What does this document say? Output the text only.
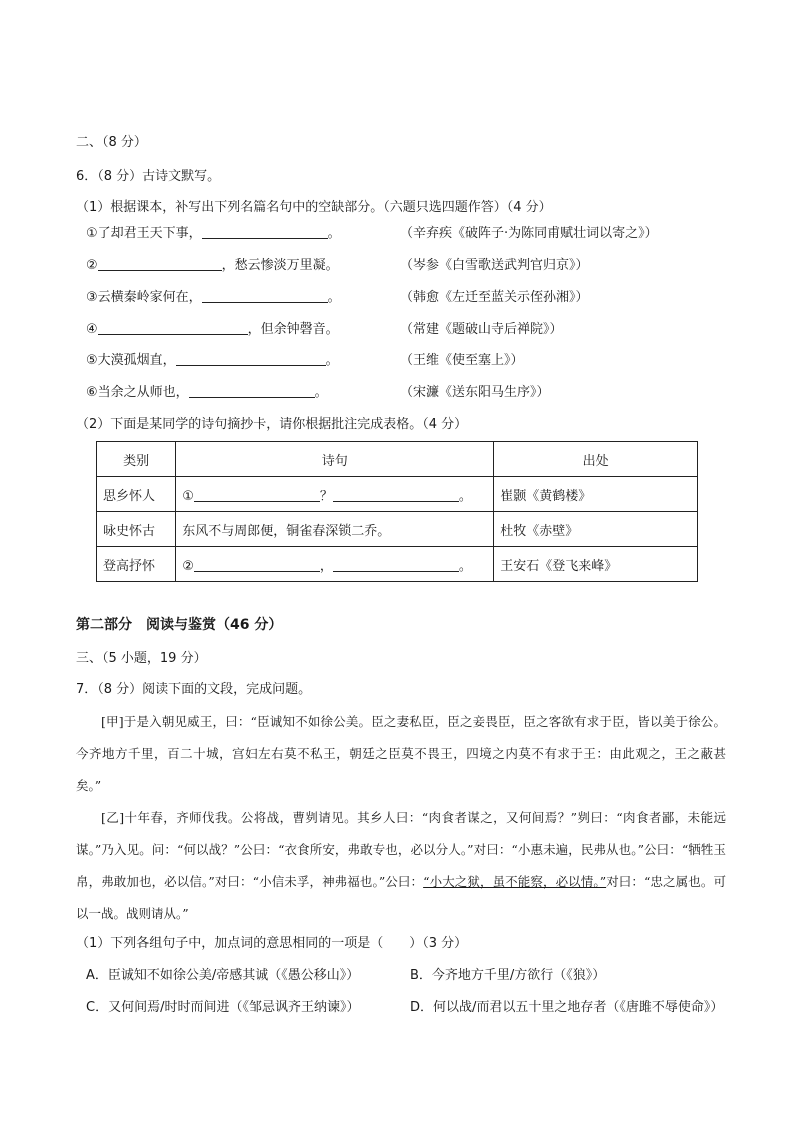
二、（8 分）
6．（8 分）古诗文默写。
（1）根据课本，补写出下列名篇名句中的空缺部分。（六题只选四题作答）（4 分）
①了却君王天下事，	。	（辛弃疾《破阵子·为陈同甫赋壮词以寄之》）
②	，愁云惨淡万里凝。	（岑参《白雪歌送武判官归京》）
③云横秦岭家何在，	。	（韩愈《左迁至蓝关示侄孙湘》）
④	，但余钟磬音。	（常建《题破山寺后禅院》）
⑤大漠孤烟直，	。	（王维《使至塞上》）
⑥当余之从师也，	。	（宋濂《送东阳马生序》）
（2）下面是某同学的诗句摘抄卡，请你根据批注完成表格。（4 分）
类别	诗句	出处
思乡怀人	① ？ 。	崔颢《黄鹤楼》
咏史怀古	东风不与周郎便，铜雀春深锁二乔。	杜牧《赤壁》
登高抒怀	② ， 。	王安石《登飞来峰》
第二部分　阅读与鉴赏（46 分）
三、（5 小题，19 分）
7．（8 分）阅读下面的文段，完成问题。

[甲]于是入朝见威王，曰：“臣诚知不如徐公美。臣之妻私臣，臣之妾畏臣，臣之客欲有求于臣，皆以美于徐公。今齐地方千里，百二十城，宫妇左右莫不私王，朝廷之臣莫不畏王，四境之内莫不有求于王：由此观之，王之蔽甚矣。”

[乙]十年春，齐师伐我。公将战，曹刿请见。其乡人曰：“肉食者谋之，又何间焉？”刿曰：“肉食者鄙，未能远谋。”乃入见。问：“何以战？”公曰：“衣食所安，弗敢专也，必以分人。”对曰：“小惠未遍，民弗从也。”公曰：“牺牲玉帛，弗敢加也，必以信。”对曰：“小信未孚，神弗福也。”公曰：“小大之狱，虽不能察，必以情。”对曰：“忠之属也。可以一战。战则请从。”

（1）下列各组句子中，加点词的意思相同的一项是（　　）（3 分）
A．臣诚知不如徐公美/帝感其诚（《愚公移山》）	B．今齐地方千里/方欲行（《狼》）
C．又何间焉/时时而间进（《邹忌讽齐王纳谏》）	D．何以战/而君以五十里之地存者（《唐雎不辱使命》）
